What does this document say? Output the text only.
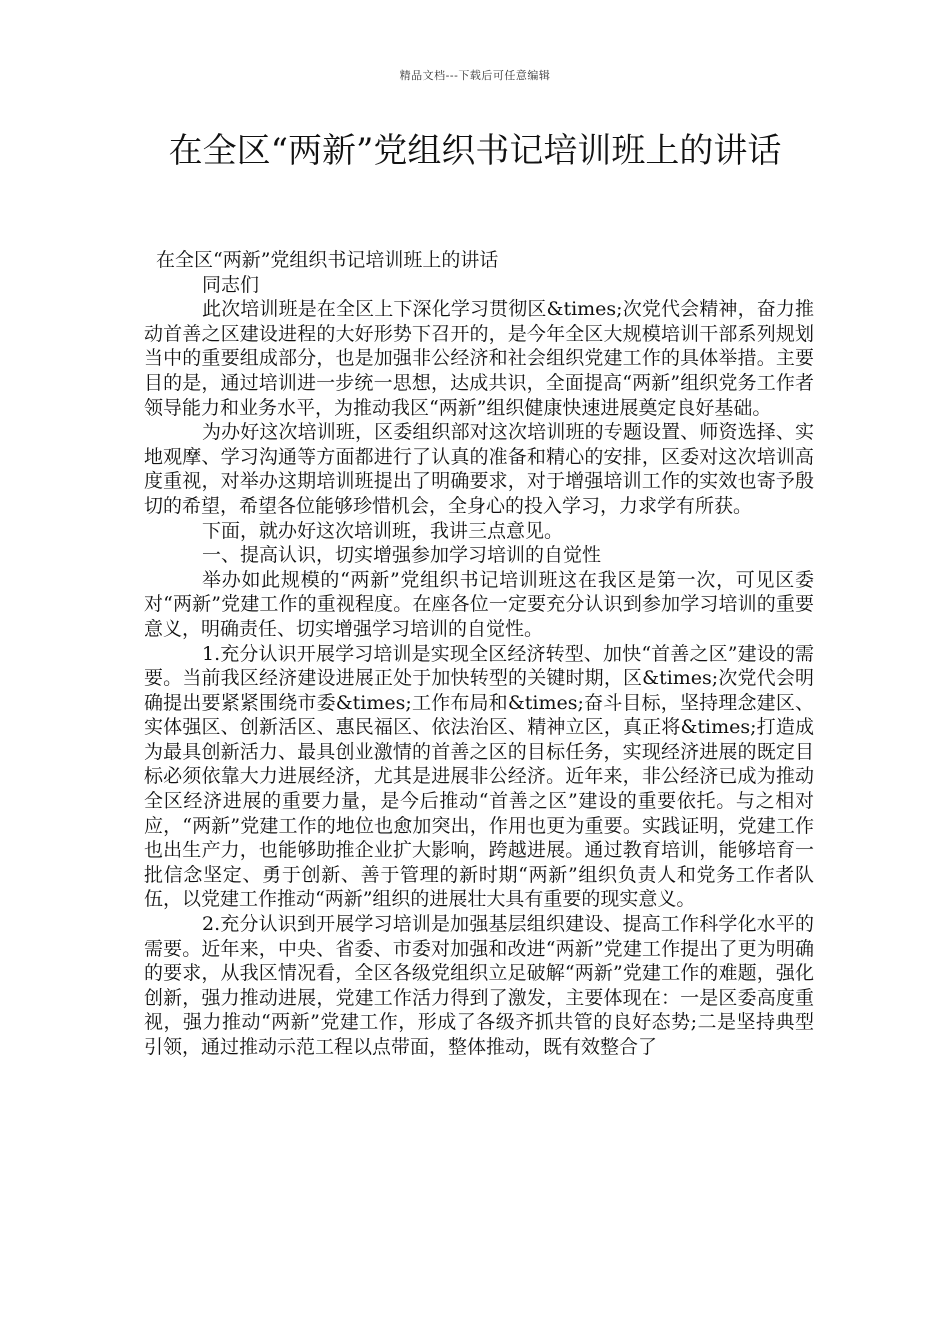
精品文档---下载后可任意编辑
在全区“两新”党组织书记培训班上的讲话

在全区“两新”党组织书记培训班上的讲话

同志们

此次培训班是在全区上下深化学习贯彻区&times;次党代会精神，奋力推动首善之区建设进程的大好形势下召开的，是今年全区大规模培训干部系列规划当中的重要组成部分，也是加强非公经济和社会组织党建工作的具体举措。主要目的是，通过培训进一步统一思想，达成共识，全面提高“两新”组织党务工作者领导能力和业务水平，为推动我区“两新”组织健康快速进展奠定良好基础。

为办好这次培训班，区委组织部对这次培训班的专题设置、师资选择、实地观摩、学习沟通等方面都进行了认真的准备和精心的安排，区委对这次培训高度重视，对举办这期培训班提出了明确要求，对于增强培训工作的实效也寄予殷切的希望，希望各位能够珍惜机会，全身心的投入学习，力求学有所获。

下面，就办好这次培训班，我讲三点意见。

一、提高认识，切实增强参加学习培训的自觉性

举办如此规模的“两新”党组织书记培训班这在我区是第一次，可见区委对“两新”党建工作的重视程度。在座各位一定要充分认识到参加学习培训的重要意义，明确责任、切实增强学习培训的自觉性。

1.充分认识开展学习培训是实现全区经济转型、加快“首善之区”建设的需要。当前我区经济建设进展正处于加快转型的关键时期，区&times;次党代会明确提出要紧紧围绕市委&times;工作布局和&times;奋斗目标，坚持理念建区、实体强区、创新活区、惠民福区、依法治区、精神立区，真正将&times;打造成为最具创新活力、最具创业激情的首善之区的目标任务，实现经济进展的既定目标必须依靠大力进展经济，尤其是进展非公经济。近年来，非公经济已成为推动全区经济进展的重要力量，是今后推动“首善之区”建设的重要依托。与之相对应，“两新”党建工作的地位也愈加突出，作用也更为重要。实践证明，党建工作也出生产力，也能够助推企业扩大影响，跨越进展。通过教育培训，能够培育一批信念坚定、勇于创新、善于管理的新时期“两新”组织负责人和党务工作者队伍，以党建工作推动“两新”组织的进展壮大具有重要的现实意义。

2.充分认识到开展学习培训是加强基层组织建设、提高工作科学化水平的需要。近年来，中央、省委、市委对加强和改进“两新”党建工作提出了更为明确的要求，从我区情况看，全区各级党组织立足破解“两新”党建工作的难题，强化创新，强力推动进展，党建工作活力得到了激发，主要体现在：一是区委高度重视，强力推动“两新”党建工作，形成了各级齐抓共管的良好态势;二是坚持典型引领，通过推动示范工程以点带面，整体推动，既有效整合了
